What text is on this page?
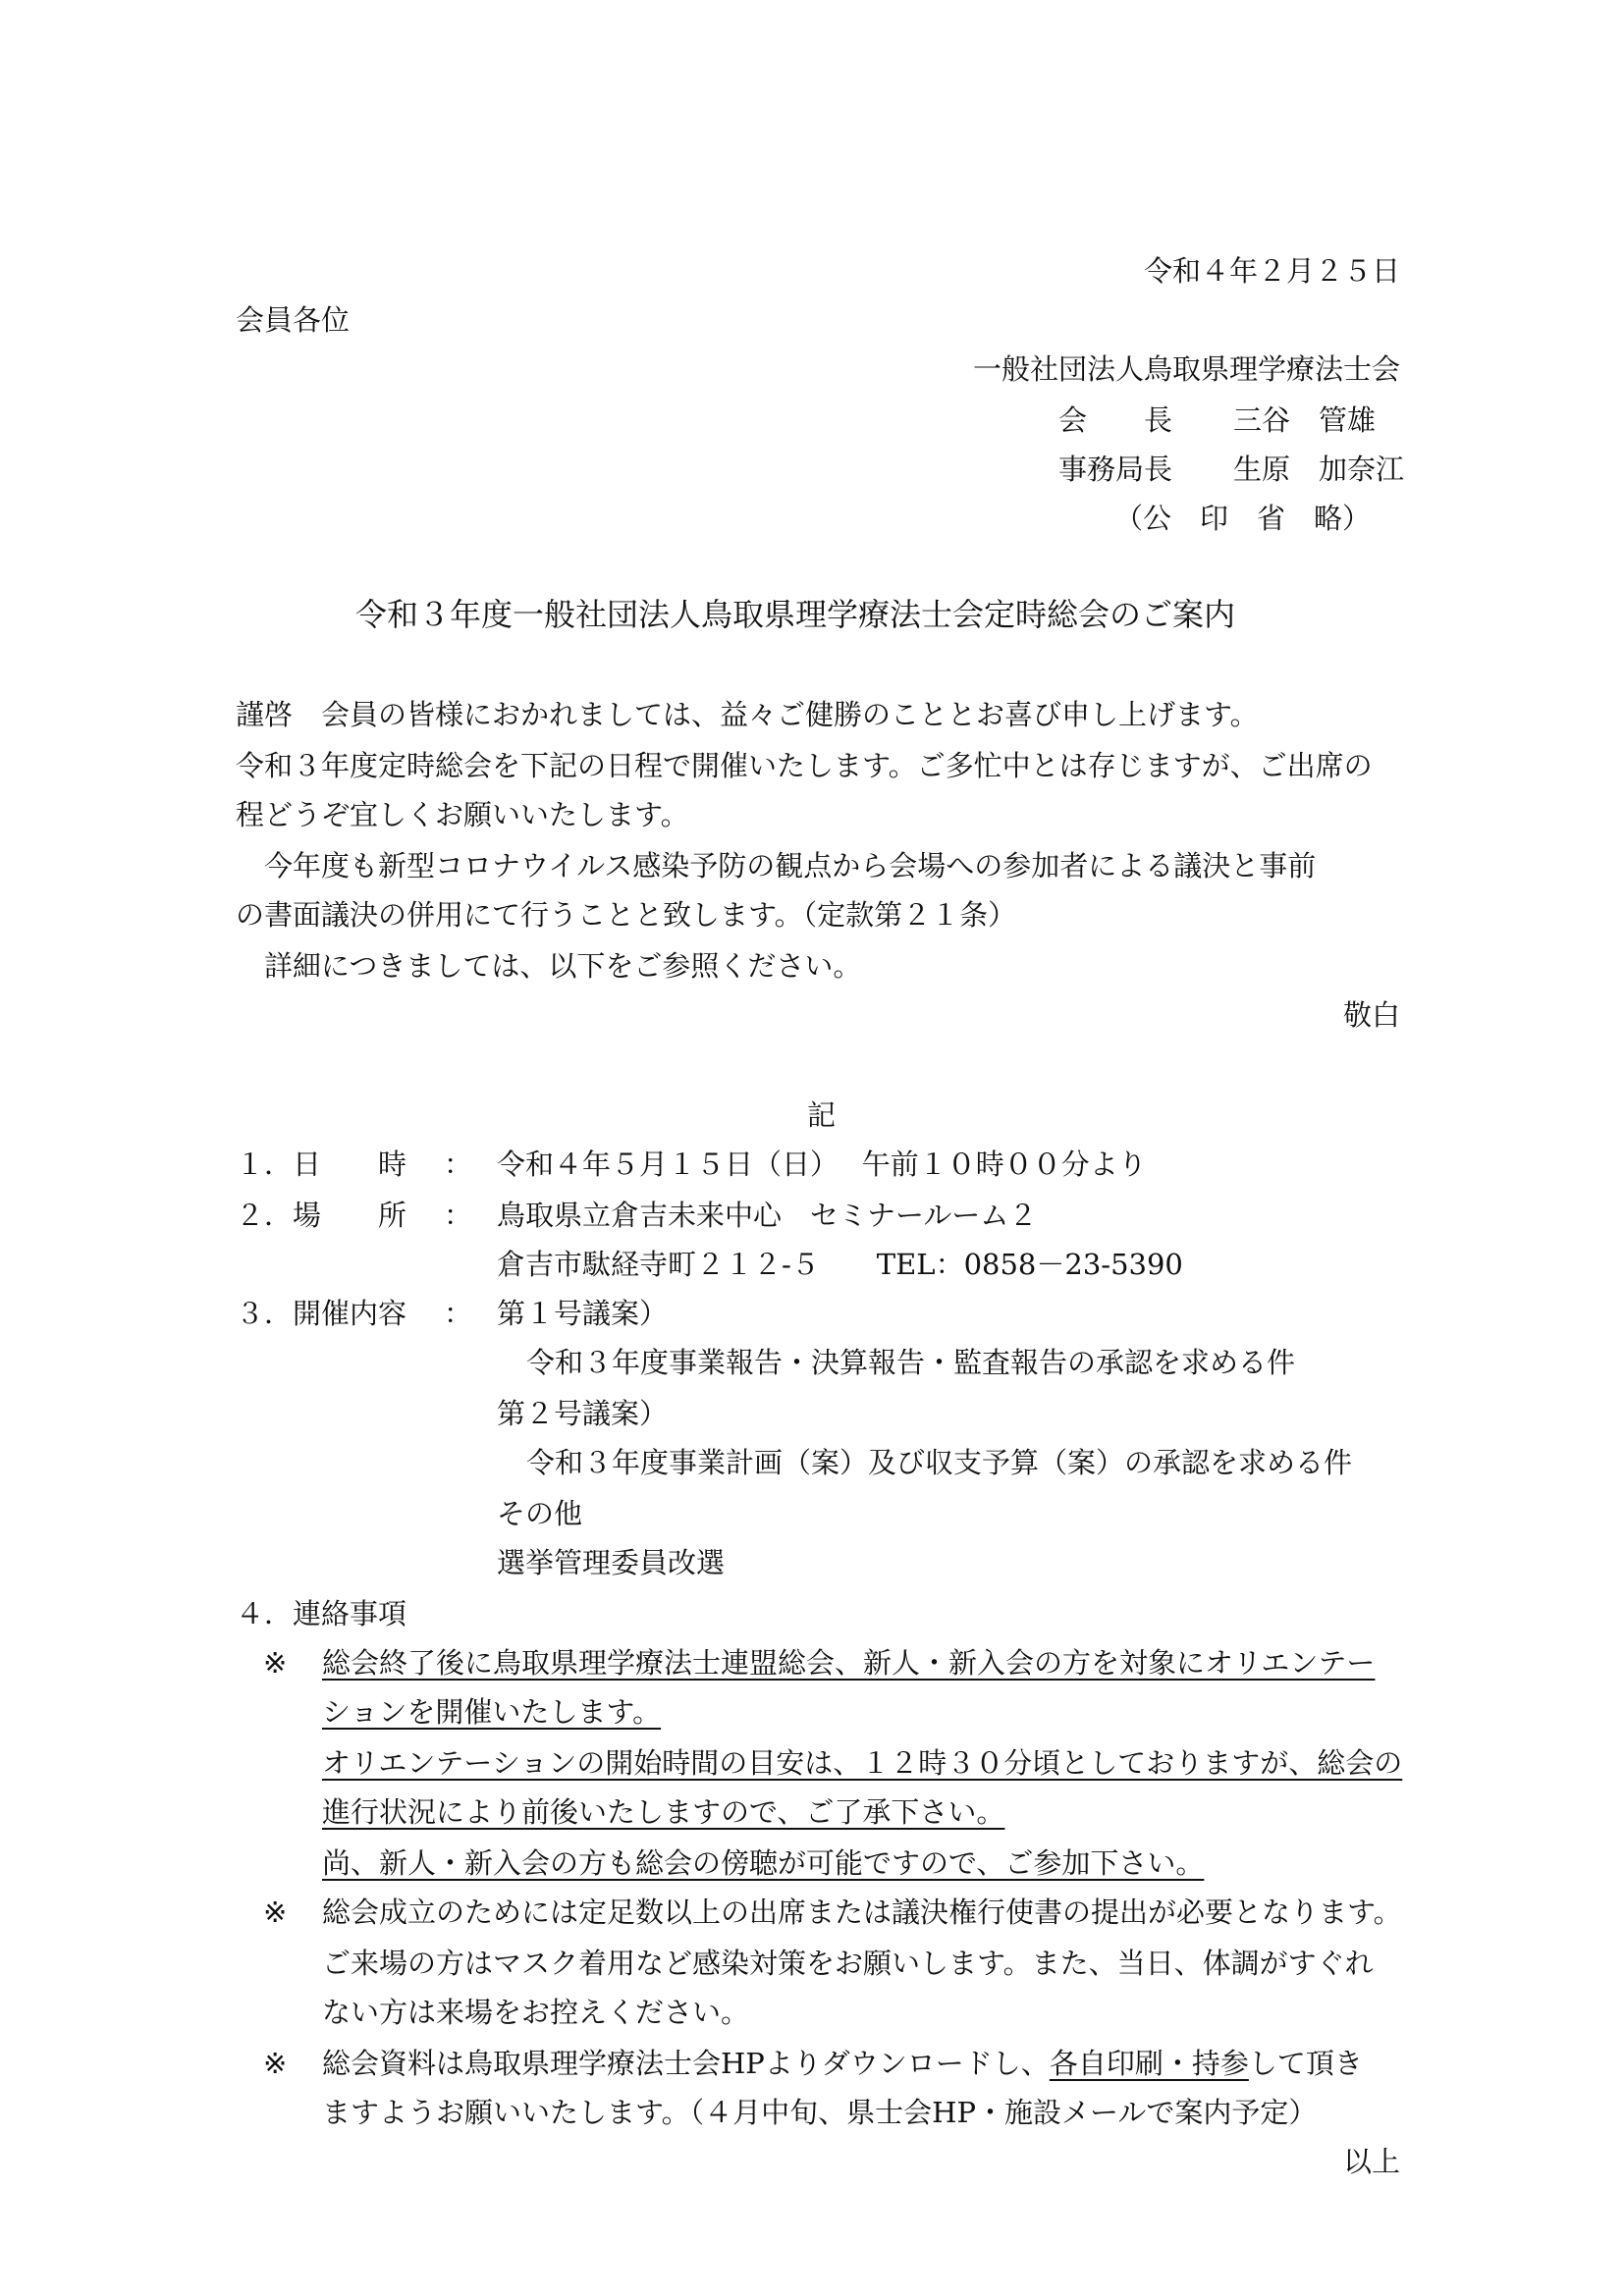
令和４年２月２５日
会員各位
一般社団法人鳥取県理学療法士会
会　　長 三谷　管雄
事務局長 生原　加奈江
（公　印　省　略）
令和３年度一般社団法人鳥取県理学療法士会定時総会のご案内
謹啓　会員の皆様におかれましては、益々ご健勝のこととお喜び申し上げます。
令和３年度定時総会を下記の日程で開催いたします。ご多忙中とは存じますが、ご出席の
程どうぞ宜しくお願いいたします。
　今年度も新型コロナウイルス感染予防の観点から会場への参加者による議決と事前
の書面議決の併用にて行うことと致します。（定款第２１条）
　詳細につきましては、以下をご参照ください。
敬白
記
１．日　　時 ： 令和４年５月１５日（日）　 午前１０時００分より
２．場　　所 ： 鳥取県立倉吉未来中心　セミナールーム２
倉吉市駄経寺町２１２-５　　TEL：0858－23-5390
３．開催内容 ： 第１号議案）
令和３年度事業報告・決算報告・監査報告の承認を求める件
第２号議案）
令和３年度事業計画（案）及び収支予算（案）の承認を求める件
その他
選挙管理委員改選
４．連絡事項
※ 総会終了後に鳥取県理学療法士連盟総会、新人・新入会の方を対象にオリエンテー
ションを開催いたします。
オリエンテーションの開始時間の目安は、１２時３０分頃としておりますが、総会の
進行状況により前後いたしますので、ご了承下さい。
尚、新人・新入会の方も総会の傍聴が可能ですので、ご参加下さい。
※ 総会成立のためには定足数以上の出席または議決権行使書の提出が必要となります。
ご来場の方はマスク着用など感染対策をお願いします。また、当日、体調がすぐれ
ない方は来場をお控えください。
※ 総会資料は鳥取県理学療法士会HPよりダウンロードし、各自印刷・持参して頂き
ますようお願いいたします。（４月中旬、県士会HP・施設メールで案内予定）
以上
